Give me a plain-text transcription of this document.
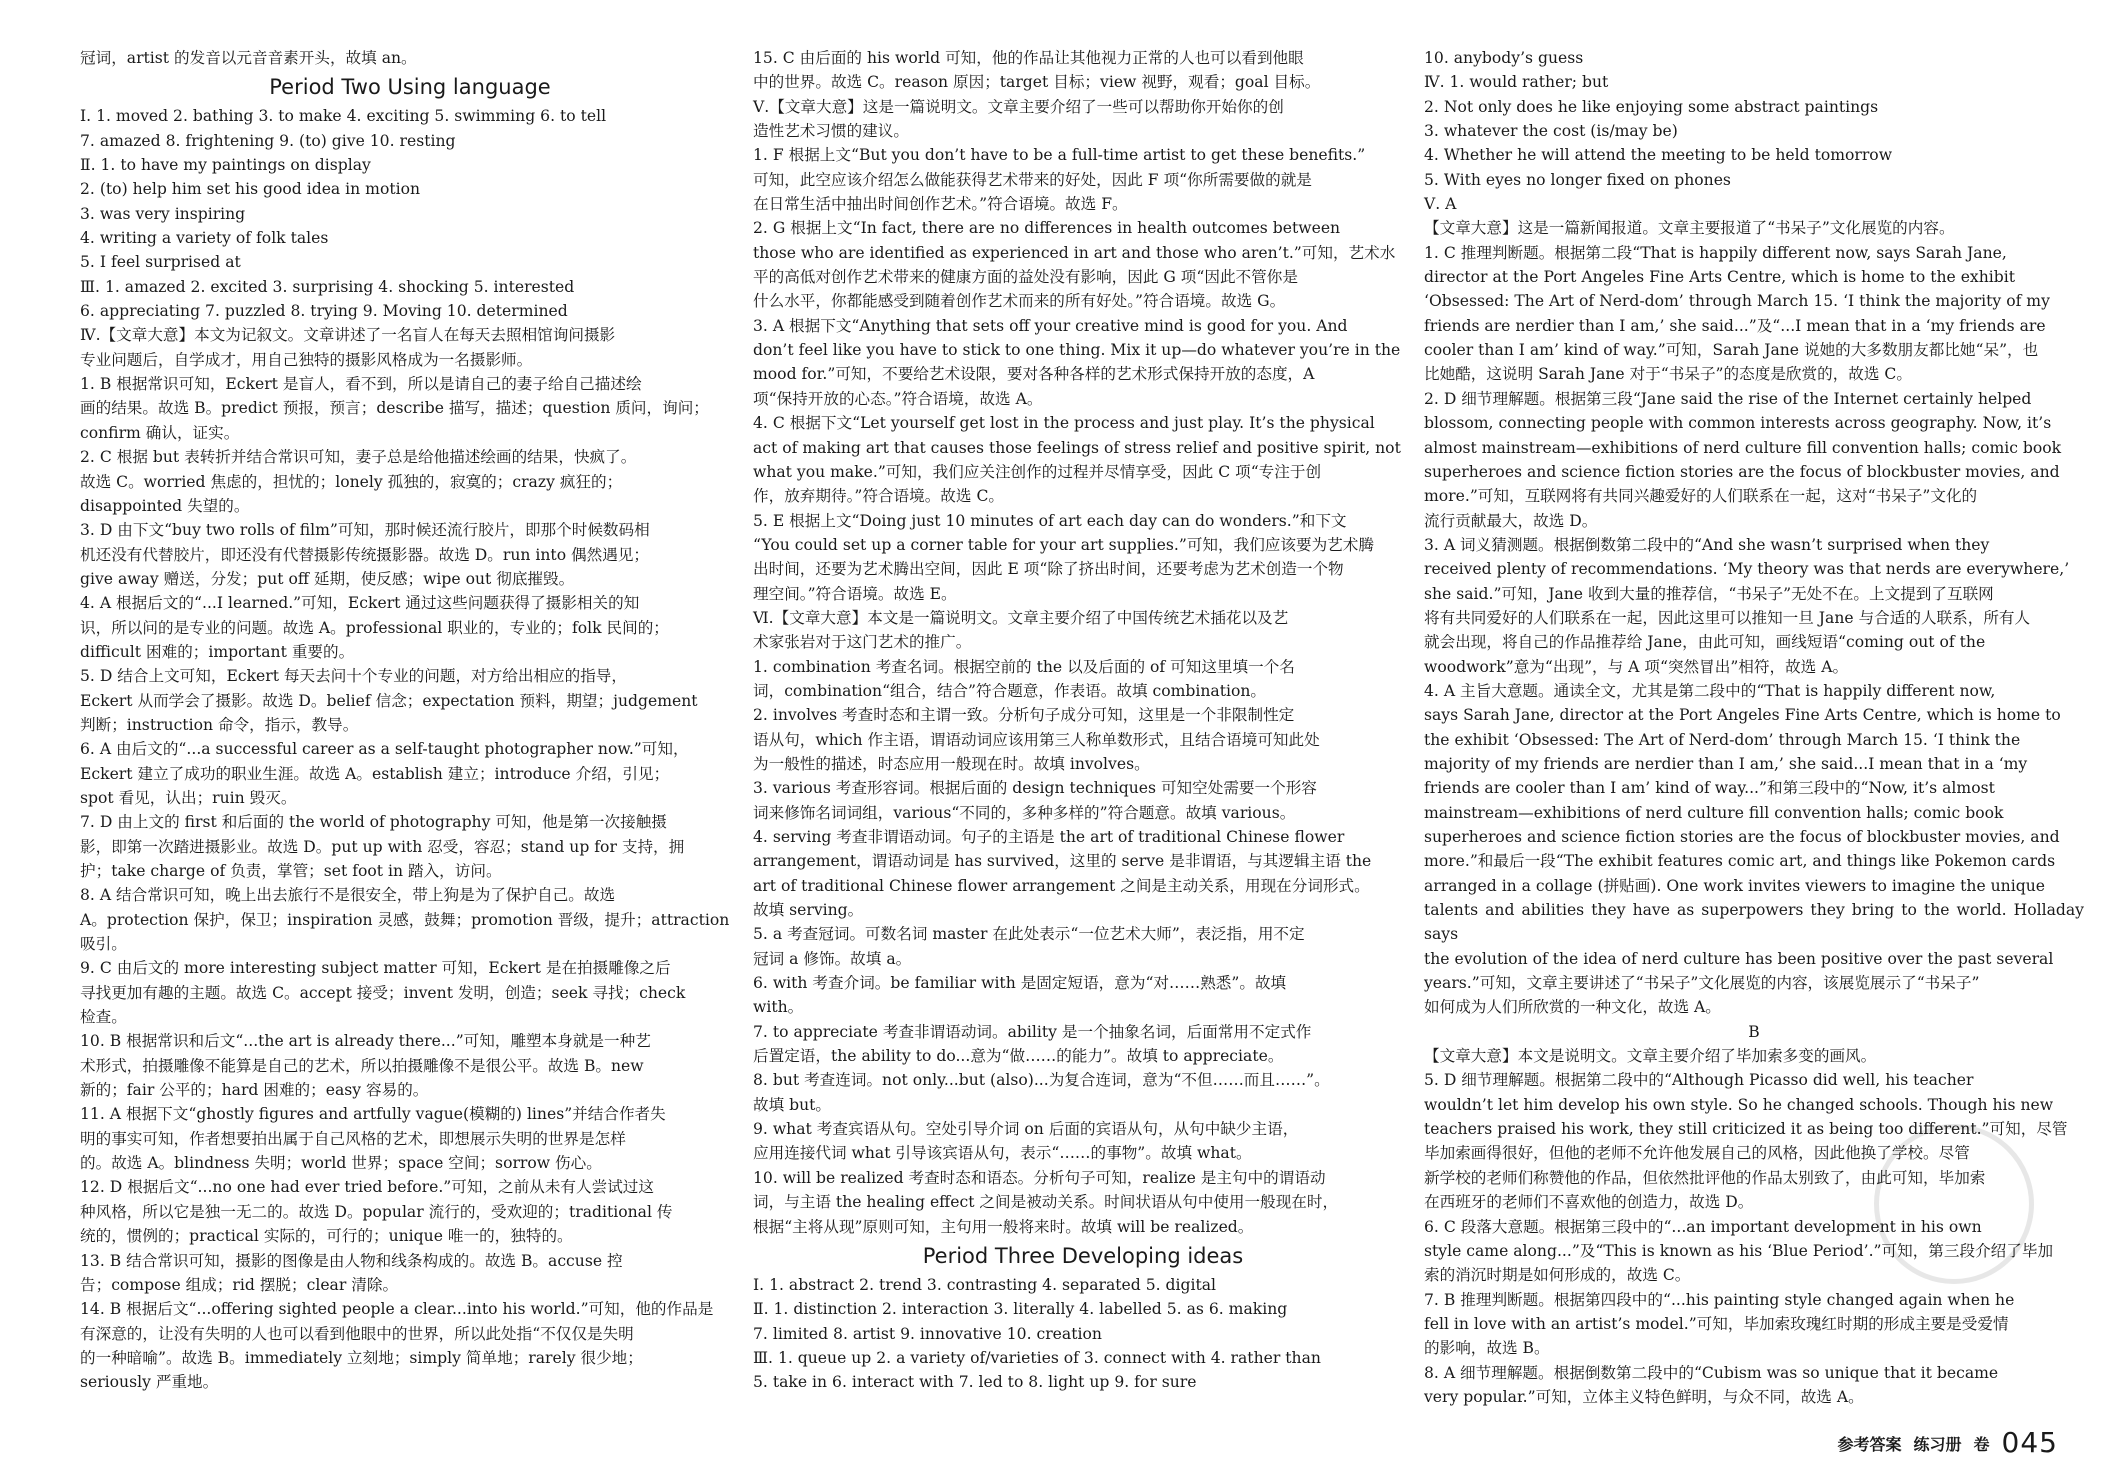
冠词，artist 的发音以元音音素开头，故填 an。
Period Two Using language
Ⅰ. 1. moved 2. bathing 3. to make 4. exciting 5. swimming 6. to tell
7. amazed 8. frightening 9. (to) give 10. resting
Ⅱ. 1. to have my paintings on display
2. (to) help him set his good idea in motion
3. was very inspiring
4. writing a variety of folk tales
5. I feel surprised at
Ⅲ. 1. amazed 2. excited 3. surprising 4. shocking 5. interested
6. appreciating 7. puzzled 8. trying 9. Moving 10. determined
Ⅳ.【文章大意】本文为记叙文。文章讲述了一名盲人在每天去照相馆询问摄影
专业问题后，自学成才，用自己独特的摄影风格成为一名摄影师。
1. B 根据常识可知，Eckert 是盲人，看不到，所以是请自己的妻子给自己描述绘
画的结果。故选 B。predict 预报，预言；describe 描写，描述；question 质问，询问；
confirm 确认，证实。
2. C 根据 but 表转折并结合常识可知，妻子总是给他描述绘画的结果，快疯了。
故选 C。worried 焦虑的，担忧的；lonely 孤独的，寂寞的；crazy 疯狂的；
disappointed 失望的。
3. D 由下文“buy two rolls of film”可知，那时候还流行胶片，即那个时候数码相
机还没有代替胶片，即还没有代替摄影传统摄影器。故选 D。run into 偶然遇见；
give away 赠送，分发；put off 延期，使反感；wipe out 彻底摧毁。
4. A 根据后文的“...I learned.”可知，Eckert 通过这些问题获得了摄影相关的知
识，所以问的是专业的问题。故选 A。professional 职业的，专业的；folk 民间的；
difficult 困难的；important 重要的。
5. D 结合上文可知，Eckert 每天去问十个专业的问题，对方给出相应的指导，
Eckert 从而学会了摄影。故选 D。belief 信念；expectation 预料，期望；judgement
判断；instruction 命令，指示，教导。
6. A 由后文的“...a successful career as a self-taught photographer now.”可知，
Eckert 建立了成功的职业生涯。故选 A。establish 建立；introduce 介绍，引见；
spot 看见，认出；ruin 毁灭。
7. D 由上文的 first 和后面的 the world of photography 可知，他是第一次接触摄
影，即第一次踏进摄影业。故选 D。put up with 忍受，容忍；stand up for 支持，拥
护；take charge of 负责，掌管；set foot in 踏入，访问。
8. A 结合常识可知，晚上出去旅行不是很安全，带上狗是为了保护自己。故选
A。protection 保护，保卫；inspiration 灵感，鼓舞；promotion 晋级，提升；attraction
吸引。
9. C 由后文的 more interesting subject matter 可知，Eckert 是在拍摄雕像之后
寻找更加有趣的主题。故选 C。accept 接受；invent 发明，创造；seek 寻找；check
检查。
10. B 根据常识和后文“...the art is already there...”可知，雕塑本身就是一种艺
术形式，拍摄雕像不能算是自己的艺术，所以拍摄雕像不是很公平。故选 B。new
新的；fair 公平的；hard 困难的；easy 容易的。
11. A 根据下文“ghostly figures and artfully vague(模糊的) lines”并结合作者失
明的事实可知，作者想要拍出属于自己风格的艺术，即想展示失明的世界是怎样
的。故选 A。blindness 失明；world 世界；space 空间；sorrow 伤心。
12. D 根据后文“...no one had ever tried before.”可知，之前从未有人尝试过这
种风格，所以它是独一无二的。故选 D。popular 流行的，受欢迎的；traditional 传
统的，惯例的；practical 实际的，可行的；unique 唯一的，独特的。
13. B 结合常识可知，摄影的图像是由人物和线条构成的。故选 B。accuse 控
告；compose 组成；rid 摆脱；clear 清除。
14. B 根据后文“...offering sighted people a clear...into his world.”可知，他的作品是
有深意的，让没有失明的人也可以看到他眼中的世界，所以此处指“不仅仅是失明
的一种暗喻”。故选 B。immediately 立刻地；simply 简单地；rarely 很少地；
seriously 严重地。
15. C 由后面的 his world 可知，他的作品让其他视力正常的人也可以看到他眼
中的世界。故选 C。reason 原因；target 目标；view 视野，观看；goal 目标。
Ⅴ.【文章大意】这是一篇说明文。文章主要介绍了一些可以帮助你开始你的创
造性艺术习惯的建议。
1. F 根据上文“But you don’t have to be a full-time artist to get these benefits.”
可知，此空应该介绍怎么做能获得艺术带来的好处，因此 F 项“你所需要做的就是
在日常生活中抽出时间创作艺术。”符合语境。故选 F。
2. G 根据上文“In fact, there are no differences in health outcomes between
those who are identified as experienced in art and those who aren’t.”可知，艺术水
平的高低对创作艺术带来的健康方面的益处没有影响，因此 G 项“因此不管你是
什么水平，你都能感受到随着创作艺术而来的所有好处。”符合语境。故选 G。
3. A 根据下文“Anything that sets off your creative mind is good for you. And
don’t feel like you have to stick to one thing. Mix it up—do whatever you’re in the
mood for.”可知，不要给艺术设限，要对各种各样的艺术形式保持开放的态度，A
项“保持开放的心态。”符合语境，故选 A。
4. C 根据下文“Let yourself get lost in the process and just play. It’s the physical
act of making art that causes those feelings of stress relief and positive spirit, not
what you make.”可知，我们应关注创作的过程并尽情享受，因此 C 项“专注于创
作，放弃期待。”符合语境。故选 C。
5. E 根据上文“Doing just 10 minutes of art each day can do wonders.”和下文
“You could set up a corner table for your art supplies.”可知，我们应该要为艺术腾
出时间，还要为艺术腾出空间，因此 E 项“除了挤出时间，还要考虑为艺术创造一个物
理空间。”符合语境。故选 E。
Ⅵ.【文章大意】本文是一篇说明文。文章主要介绍了中国传统艺术插花以及艺
术家张岩对于这门艺术的推广。
1. combination 考查名词。根据空前的 the 以及后面的 of 可知这里填一个名
词，combination“组合，结合”符合题意，作表语。故填 combination。
2. involves 考查时态和主谓一致。分析句子成分可知，这里是一个非限制性定
语从句，which 作主语，谓语动词应该用第三人称单数形式，且结合语境可知此处
为一般性的描述，时态应用一般现在时。故填 involves。
3. various 考查形容词。根据后面的 design techniques 可知空处需要一个形容
词来修饰名词词组，various“不同的，多种多样的”符合题意。故填 various。
4. serving 考查非谓语动词。句子的主语是 the art of traditional Chinese flower
arrangement，谓语动词是 has survived，这里的 serve 是非谓语，与其逻辑主语 the
art of traditional Chinese flower arrangement 之间是主动关系，用现在分词形式。
故填 serving。
5. a 考查冠词。可数名词 master 在此处表示“一位艺术大师”，表泛指，用不定
冠词 a 修饰。故填 a。
6. with 考查介词。be familiar with 是固定短语，意为“对……熟悉”。故填
with。
7. to appreciate 考查非谓语动词。ability 是一个抽象名词，后面常用不定式作
后置定语，the ability to do...意为“做……的能力”。故填 to appreciate。
8. but 考查连词。not only...but (also)...为复合连词，意为“不但……而且……”。
故填 but。
9. what 考查宾语从句。空处引导介词 on 后面的宾语从句，从句中缺少主语，
应用连接代词 what 引导该宾语从句，表示“……的事物”。故填 what。
10. will be realized 考查时态和语态。分析句子可知，realize 是主句中的谓语动
词，与主语 the healing effect 之间是被动关系。时间状语从句中使用一般现在时，
根据“主将从现”原则可知，主句用一般将来时。故填 will be realized。
Period Three Developing ideas
Ⅰ. 1. abstract 2. trend 3. contrasting 4. separated 5. digital
Ⅱ. 1. distinction 2. interaction 3. literally 4. labelled 5. as 6. making
7. limited 8. artist 9. innovative 10. creation
Ⅲ. 1. queue up 2. a variety of/varieties of 3. connect with 4. rather than
5. take in 6. interact with 7. led to 8. light up 9. for sure
10. anybody’s guess
Ⅳ. 1. would rather; but
2. Not only does he like enjoying some abstract paintings
3. whatever the cost (is/may be)
4. Whether he will attend the meeting to be held tomorrow
5. With eyes no longer fixed on phones
Ⅴ. A
【文章大意】这是一篇新闻报道。文章主要报道了“书呆子”文化展览的内容。
1. C 推理判断题。根据第二段“That is happily different now, says Sarah Jane,
director at the Port Angeles Fine Arts Centre, which is home to the exhibit
‘Obsessed: The Art of Nerd-dom’ through March 15. ‘I think the majority of my
friends are nerdier than I am,’ she said...”及“...I mean that in a ‘my friends are
cooler than I am’ kind of way.”可知，Sarah Jane 说她的大多数朋友都比她“呆”，也
比她酷，这说明 Sarah Jane 对于“书呆子”的态度是欣赏的，故选 C。
2. D 细节理解题。根据第三段“Jane said the rise of the Internet certainly helped
blossom, connecting people with common interests across geography. Now, it’s
almost mainstream—exhibitions of nerd culture fill convention halls; comic book
superheroes and science fiction stories are the focus of blockbuster movies, and
more.”可知，互联网将有共同兴趣爱好的人们联系在一起，这对“书呆子”文化的
流行贡献最大，故选 D。
3. A 词义猜测题。根据倒数第二段中的“And she wasn’t surprised when they
received plenty of recommendations. ‘My theory was that nerds are everywhere,’
she said.”可知，Jane 收到大量的推荐信，“书呆子”无处不在。上文提到了互联网
将有共同爱好的人们联系在一起，因此这里可以推知一旦 Jane 与合适的人联系，所有人
就会出现，将自己的作品推荐给 Jane，由此可知，画线短语“coming out of the
woodwork”意为“出现”，与 A 项“突然冒出”相符，故选 A。
4. A 主旨大意题。通读全文，尤其是第二段中的“That is happily different now,
says Sarah Jane, director at the Port Angeles Fine Arts Centre, which is home to
the exhibit ‘Obsessed: The Art of Nerd-dom’ through March 15. ‘I think the
majority of my friends are nerdier than I am,’ she said...I mean that in a ‘my
friends are cooler than I am’ kind of way...”和第三段中的“Now, it’s almost
mainstream—exhibitions of nerd culture fill convention halls; comic book
superheroes and science fiction stories are the focus of blockbuster movies, and
more.”和最后一段“The exhibit features comic art, and things like Pokemon cards
arranged in a collage (拼贴画). One work invites viewers to imagine the unique
talents and abilities they have as superpowers they bring to the world. Holladay says
the evolution of the idea of nerd culture has been positive over the past several
years.”可知，文章主要讲述了“书呆子”文化展览的内容，该展览展示了“书呆子”
如何成为人们所欣赏的一种文化，故选 A。
B
【文章大意】本文是说明文。文章主要介绍了毕加索多变的画风。
5. D 细节理解题。根据第二段中的“Although Picasso did well, his teacher
wouldn’t let him develop his own style. So he changed schools. Though his new
teachers praised his work, they still criticized it as being too different.”可知，尽管
毕加索画得很好，但他的老师不允许他发展自己的风格，因此他换了学校。尽管
新学校的老师们称赞他的作品，但依然批评他的作品太别致了，由此可知，毕加索
在西班牙的老师们不喜欢他的创造力，故选 D。
6. C 段落大意题。根据第三段中的“...an important development in his own
style came along...”及“This is known as his ‘Blue Period’.”可知，第三段介绍了毕加
索的消沉时期是如何形成的，故选 C。
7. B 推理判断题。根据第四段中的“...his painting style changed again when he
fell in love with an artist’s model.”可知，毕加索玫瑰红时期的形成主要是受爱情
的影响，故选 B。
8. A 细节理解题。根据倒数第二段中的“Cubism was so unique that it became
very popular.”可知，立体主义特色鲜明，与众不同，故选 A。
参考答案 练习册 卷 045
